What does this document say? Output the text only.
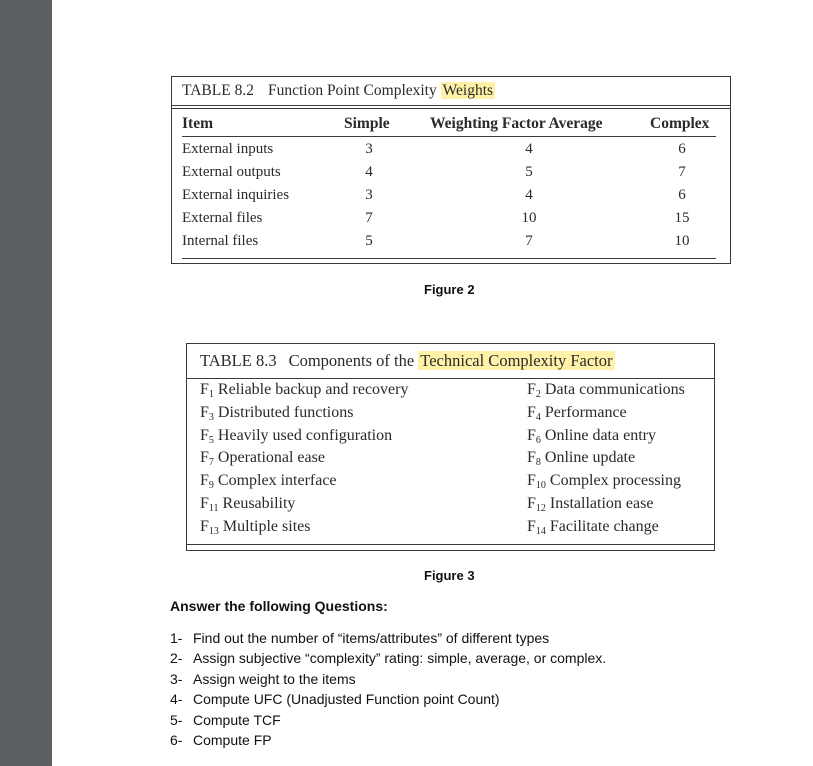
TABLE 8.2 Function Point Complexity Weights
Item	Simple	Weighting Factor Average	Complex
External inputs	3	4	6
External outputs	4	5	7
External inquiries	3	4	6
External files	7	10	15
Internal files	5	7	10
Figure 2
TABLE 8.3 Components of the Technical Complexity Factor
$F_1$ Reliable backup and recovery	$F_2$ Data communications
$F_3$ Distributed functions	$F_4$ Performance
$F_5$ Heavily used configuration	$F_6$ Online data entry
$F_7$ Operational ease	$F_8$ Online update
$F_9$ Complex interface	$F_{10}$ Complex processing
$F_{11}$ Reusability	$F_{12}$ Installation ease
$F_{13}$ Multiple sites	$F_{14}$ Facilitate change
Figure 3
Answer the following Questions:
1- Find out the number of “items/attributes” of different types
2- Assign subjective “complexity” rating: simple, average, or complex.
3- Assign weight to the items
4- Compute UFC (Unadjusted Function point Count)
5- Compute TCF
6- Compute FP
